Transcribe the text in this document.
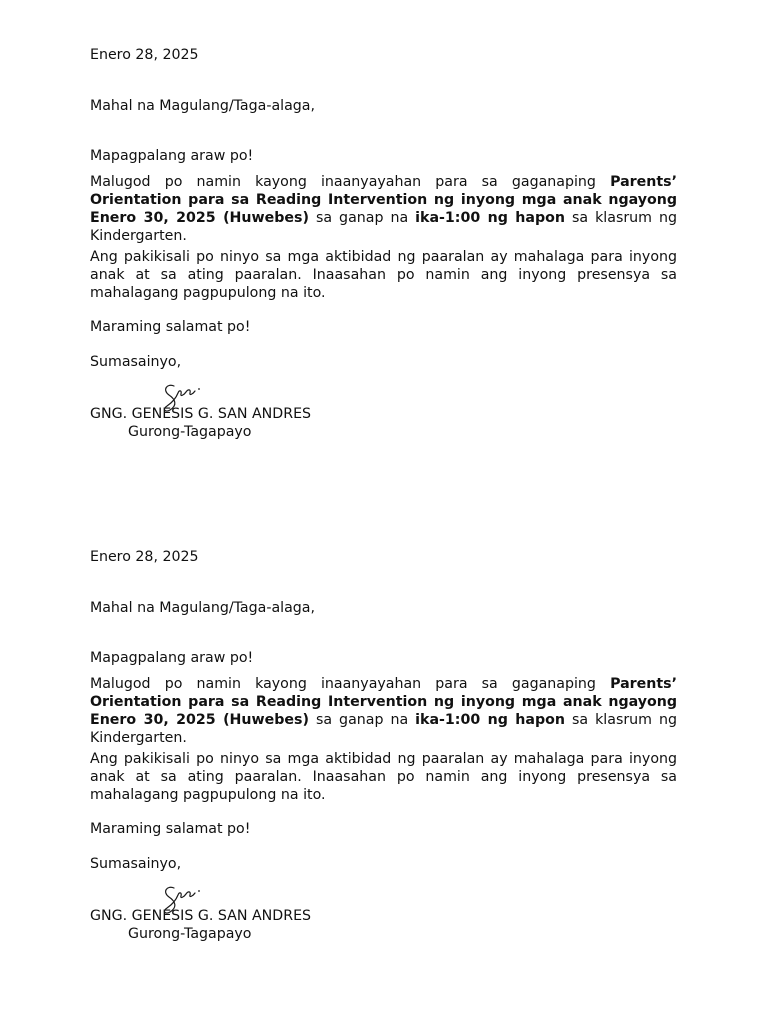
Enero 28, 2025

Mahal na Magulang/Taga-alaga,

Mapagpalang araw po!

Malugod po namin kayong inaanyayahan para sa gaganaping Parents’ Orientation para sa Reading Intervention ng inyong mga anak ngayong Enero 30, 2025 (Huwebes) sa ganap na ika-1:00 ng hapon sa klasrum ng Kindergarten.

Ang pakikisali po ninyo sa mga aktibidad ng paaralan ay mahalaga para inyong anak at sa ating paaralan. Inaasahan po namin ang inyong presensya sa mahalagang pagpupulong na ito.

Maraming salamat po!

Sumasainyo,

GNG. GENESIS G. SAN ANDRES

Gurong-Tagapayo

Enero 28, 2025

Mahal na Magulang/Taga-alaga,

Mapagpalang araw po!

Malugod po namin kayong inaanyayahan para sa gaganaping Parents’ Orientation para sa Reading Intervention ng inyong mga anak ngayong Enero 30, 2025 (Huwebes) sa ganap na ika-1:00 ng hapon sa klasrum ng Kindergarten.

Ang pakikisali po ninyo sa mga aktibidad ng paaralan ay mahalaga para inyong anak at sa ating paaralan. Inaasahan po namin ang inyong presensya sa mahalagang pagpupulong na ito.

Maraming salamat po!

Sumasainyo,

GNG. GENESIS G. SAN ANDRES

Gurong-Tagapayo
